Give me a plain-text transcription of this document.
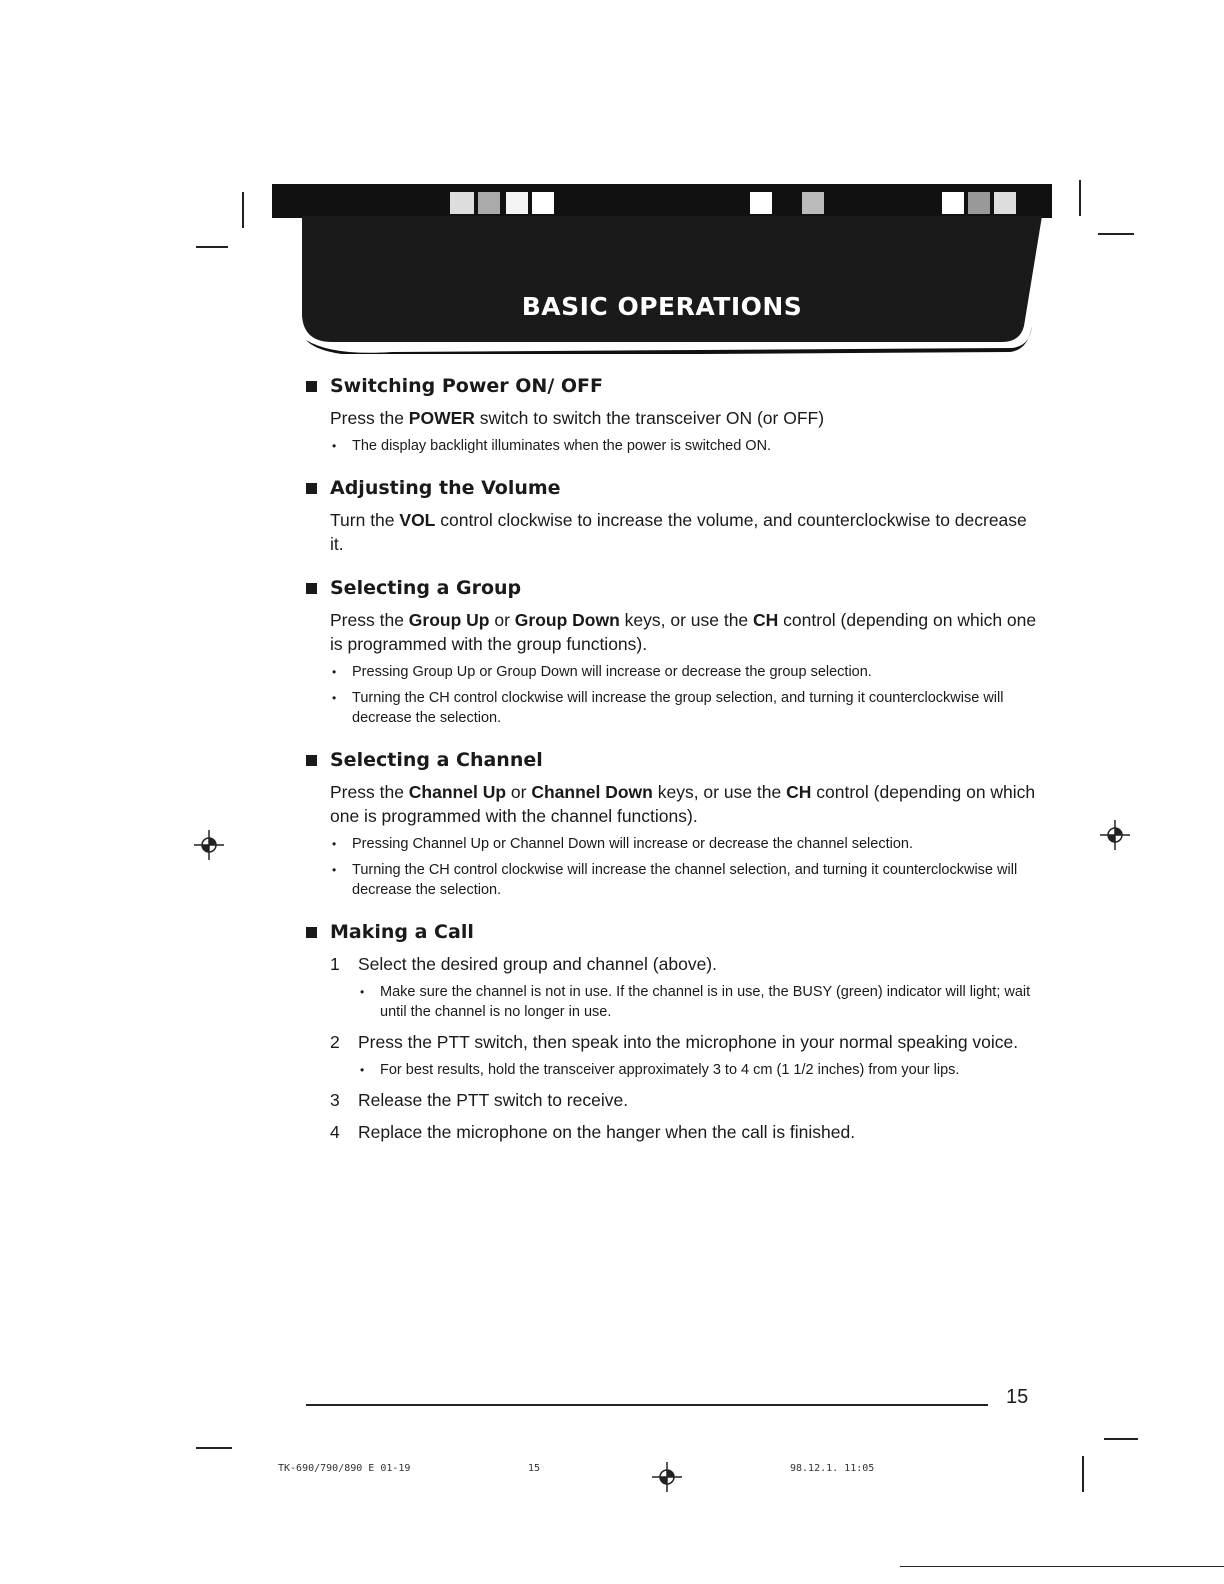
BASIC OPERATIONS
Switching Power ON/ OFF
Press the POWER switch to switch the transceiver ON (or OFF)
• The display backlight illuminates when the power is switched ON.
Adjusting the Volume
Turn the VOL control clockwise to increase the volume, and counterclockwise to decrease it.
Selecting a Group
Press the Group Up or Group Down keys, or use the CH control (depending on which one is programmed with the group functions).
• Pressing Group Up or Group Down will increase or decrease the group selection.
• Turning the CH control clockwise will increase the group selection, and turning it counterclockwise will decrease the selection.
Selecting a Channel
Press the Channel Up or Channel Down keys, or use the CH control (depending on which one is programmed with the channel functions).
• Pressing Channel Up or Channel Down will increase or decrease the channel selection.
• Turning the CH control clockwise will increase the channel selection, and turning it counterclockwise will decrease the selection.
Making a Call
1 Select the desired group and channel (above).
• Make sure the channel is not in use. If the channel is in use, the BUSY (green) indicator will light; wait until the channel is no longer in use.
2 Press the PTT switch, then speak into the microphone in your normal speaking voice.
• For best results, hold the transceiver approximately 3 to 4 cm (1 1/2 inches) from your lips.
3 Release the PTT switch to receive.
4 Replace the microphone on the hanger when the call is finished.
15
TK-690/790/890 E 01-19	15	98.12.1. 11:05
